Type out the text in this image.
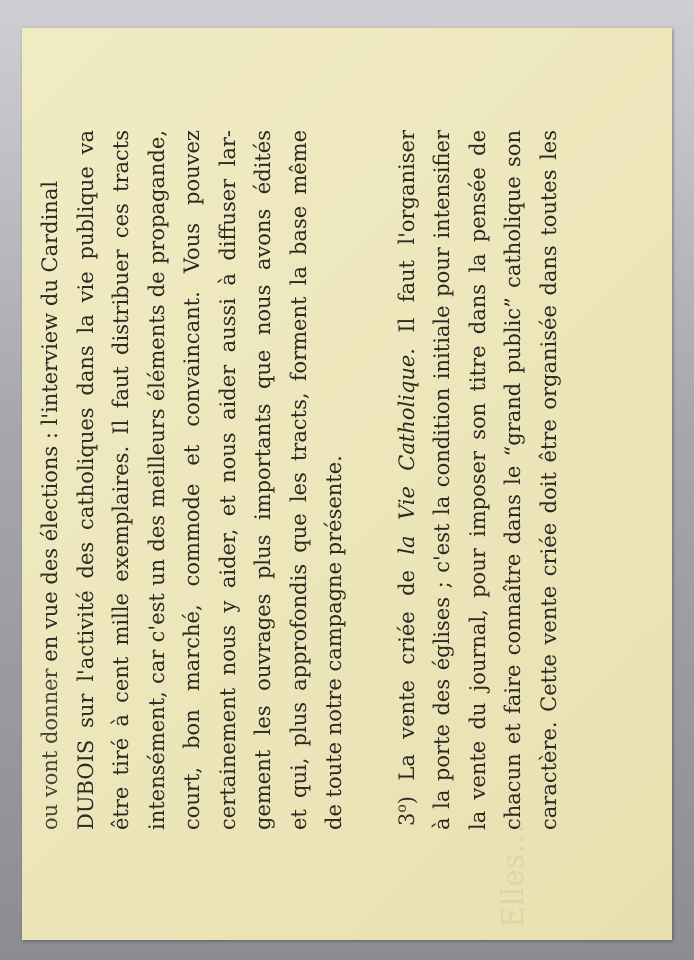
Elles…

ou vont donner en vue des élections : l'interview du Cardinal DUBOIS sur l'activité des catholiques dans la vie publique va être tiré à cent mille exemplaires. Il faut distribuer ces tracts intensément, car c'est un des meilleurs éléments de propagande, court, bon marché, commode et convaincant. Vous pouvez certainement nous y aider, et nous aider aussi à diffuser lar- gement les ouvrages plus importants que nous avons édités et qui, plus approfondis que les tracts, forment la base même de toute notre campagne présente.	3$^o$) La vente criée de la Vie Catholique. Il faut l'organiser à la porte des églises ; c'est la condition initiale pour intensifier la vente du journal, pour imposer son titre dans la pensée de chacun et faire connaître dans le “grand public” catholique son caractère. Cette vente criée doit être organisée dans toutes les
